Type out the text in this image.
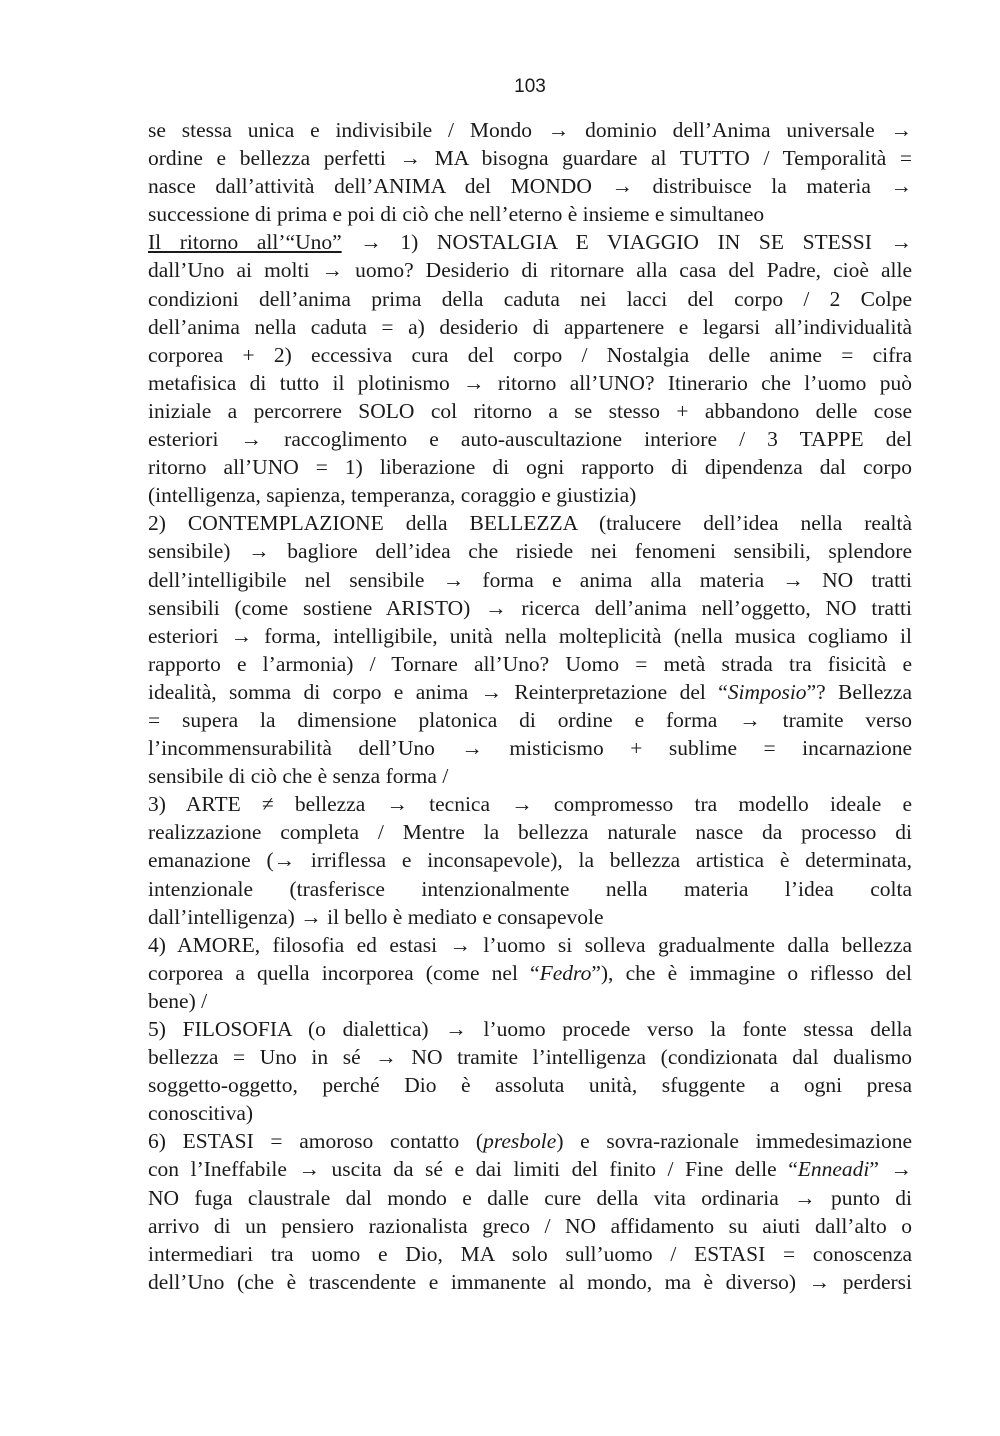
103
se stessa unica e indivisibile / Mondo → dominio dell’Anima universale →
ordine e bellezza perfetti → MA bisogna guardare al TUTTO / Temporalità =
nasce dall’attività dell’ANIMA del MONDO → distribuisce la materia →
successione di prima e poi di ciò che nell’eterno è insieme e simultaneo
Il ritorno all’“Uno” → 1) NOSTALGIA E VIAGGIO IN SE STESSI →
dall’Uno ai molti → uomo? Desiderio di ritornare alla casa del Padre, cioè alle
condizioni dell’anima prima della caduta nei lacci del corpo / 2 Colpe
dell’anima nella caduta = a) desiderio di appartenere e legarsi all’individualità
corporea + 2) eccessiva cura del corpo / Nostalgia delle anime = cifra
metafisica di tutto il plotinismo → ritorno all’UNO? Itinerario che l’uomo può
iniziale a percorrere SOLO col ritorno a se stesso + abbandono delle cose
esteriori → raccoglimento e auto-auscultazione interiore / 3 TAPPE del
ritorno all’UNO = 1) liberazione di ogni rapporto di dipendenza dal corpo
(intelligenza, sapienza, temperanza, coraggio e giustizia)
2) CONTEMPLAZIONE della BELLEZZA (tralucere dell’idea nella realtà
sensibile) → bagliore dell’idea che risiede nei fenomeni sensibili, splendore
dell’intelligibile nel sensibile → forma e anima alla materia → NO tratti
sensibili (come sostiene ARISTO) → ricerca dell’anima nell’oggetto, NO tratti
esteriori → forma, intelligibile, unità nella molteplicità (nella musica cogliamo il
rapporto e l’armonia) / Tornare all’Uno? Uomo = metà strada tra fisicità e
idealità, somma di corpo e anima → Reinterpretazione del “Simposio”? Bellezza
= supera la dimensione platonica di ordine e forma → tramite verso
l’incommensurabilità dell’Uno → misticismo + sublime = incarnazione
sensibile di ciò che è senza forma /
3) ARTE ≠ bellezza → tecnica → compromesso tra modello ideale e
realizzazione completa / Mentre la bellezza naturale nasce da processo di
emanazione (→ irriflessa e inconsapevole), la bellezza artistica è determinata,
intenzionale (trasferisce intenzionalmente nella materia l’idea colta
dall’intelligenza) → il bello è mediato e consapevole
4) AMORE, filosofia ed estasi → l’uomo si solleva gradualmente dalla bellezza
corporea a quella incorporea (come nel “Fedro”), che è immagine o riflesso del
bene) /
5) FILOSOFIA (o dialettica) → l’uomo procede verso la fonte stessa della
bellezza = Uno in sé → NO tramite l’intelligenza (condizionata dal dualismo
soggetto-oggetto, perché Dio è assoluta unità, sfuggente a ogni presa
conoscitiva)
6) ESTASI = amoroso contatto (presbole) e sovra-razionale immedesimazione
con l’Ineffabile → uscita da sé e dai limiti del finito / Fine delle “Enneadi” →
NO fuga claustrale dal mondo e dalle cure della vita ordinaria → punto di
arrivo di un pensiero razionalista greco / NO affidamento su aiuti dall’alto o
intermediari tra uomo e Dio, MA solo sull’uomo / ESTASI = conoscenza
dell’Uno (che è trascendente e immanente al mondo, ma è diverso) → perdersi
